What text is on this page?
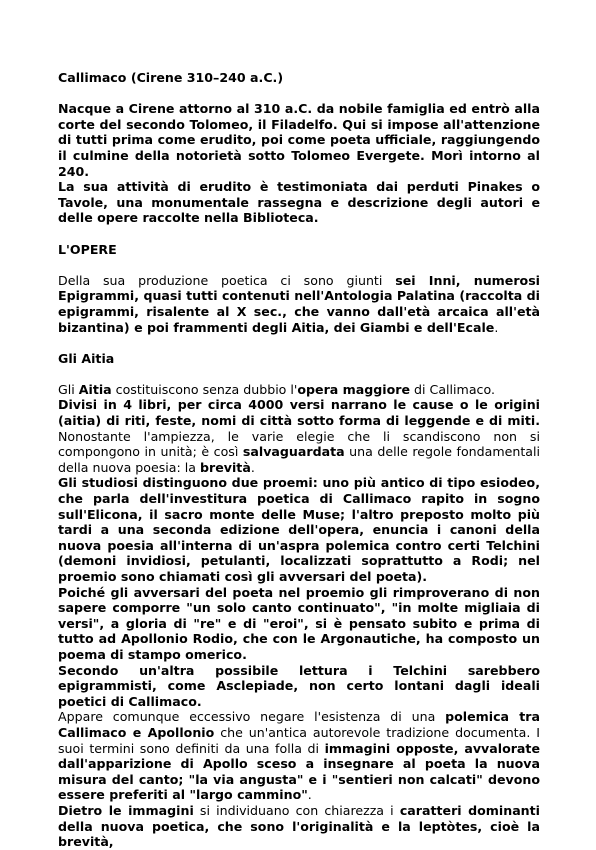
Callimaco (Cirene 310–240 a.C.)

Nacque a Cirene attorno al 310 a.C. da nobile famiglia ed entrò alla corte del secondo Tolomeo, il Filadelfo. Qui si impose all'attenzione di tutti prima come erudito, poi come poeta ufficiale, raggiungendo il culmine della notorietà sotto Tolomeo Evergete. Morì intorno al 240.

La sua attività di erudito è testimoniata dai perduti Pinakes o Tavole, una monumentale rassegna e descrizione degli autori e delle opere raccolte nella Biblioteca.

L'OPERE

Della sua produzione poetica ci sono giunti sei Inni, numerosi Epigrammi, quasi tutti contenuti nell'Antologia Palatina (raccolta di epigrammi, risalente al X sec., che vanno dall'età arcaica all'età bizantina) e poi frammenti degli Aitia, dei Giambi e dell'Ecale.

Gli Aitia

Gli Aitia costituiscono senza dubbio l'opera maggiore di Callimaco.

Divisi in 4 libri, per circa 4000 versi narrano le cause o le origini (aitia) di riti, feste, nomi di città sotto forma di leggende e di miti. Nonostante l'ampiezza, le varie elegie che li scandiscono non si compongono in unità; è così salvaguardata una delle regole fondamentali della nuova poesia: la brevità.

Gli studiosi distinguono due proemi: uno più antico di tipo esiodeo, che parla dell'investitura poetica di Callimaco rapito in sogno sull'Elicona, il sacro monte delle Muse; l'altro preposto molto più tardi a una seconda edizione dell'opera, enuncia i canoni della nuova poesia all'interna di un'aspra polemica contro certi Telchini (demoni invidiosi, petulanti, localizzati soprattutto a Rodi; nel proemio sono chiamati così gli avversari del poeta).

Poiché gli avversari del poeta nel proemio gli rimproverano di non sapere comporre "un solo canto continuato", "in molte migliaia di versi", a gloria di "re" e di "eroi", si è pensato subito e prima di tutto ad Apollonio Rodio, che con le Argonautiche, ha composto un poema di stampo omerico.

Secondo un'altra possibile lettura i Telchini sarebbero epigrammisti, come Asclepiade, non certo lontani dagli ideali poetici di Callimaco.

Appare comunque eccessivo negare l'esistenza di una polemica tra Callimaco e Apollonio che un'antica autorevole tradizione documenta. I suoi termini sono definiti da una folla di immagini opposte, avvalorate dall'apparizione di Apollo sceso a insegnare al poeta la nuova misura del canto; "la via angusta" e i "sentieri non calcati" devono essere preferiti al "largo cammino".

Dietro le immagini si individuano con chiarezza i caratteri dominanti della nuova poetica, che sono l'originalità e la leptòtes, cioè la brevità,
